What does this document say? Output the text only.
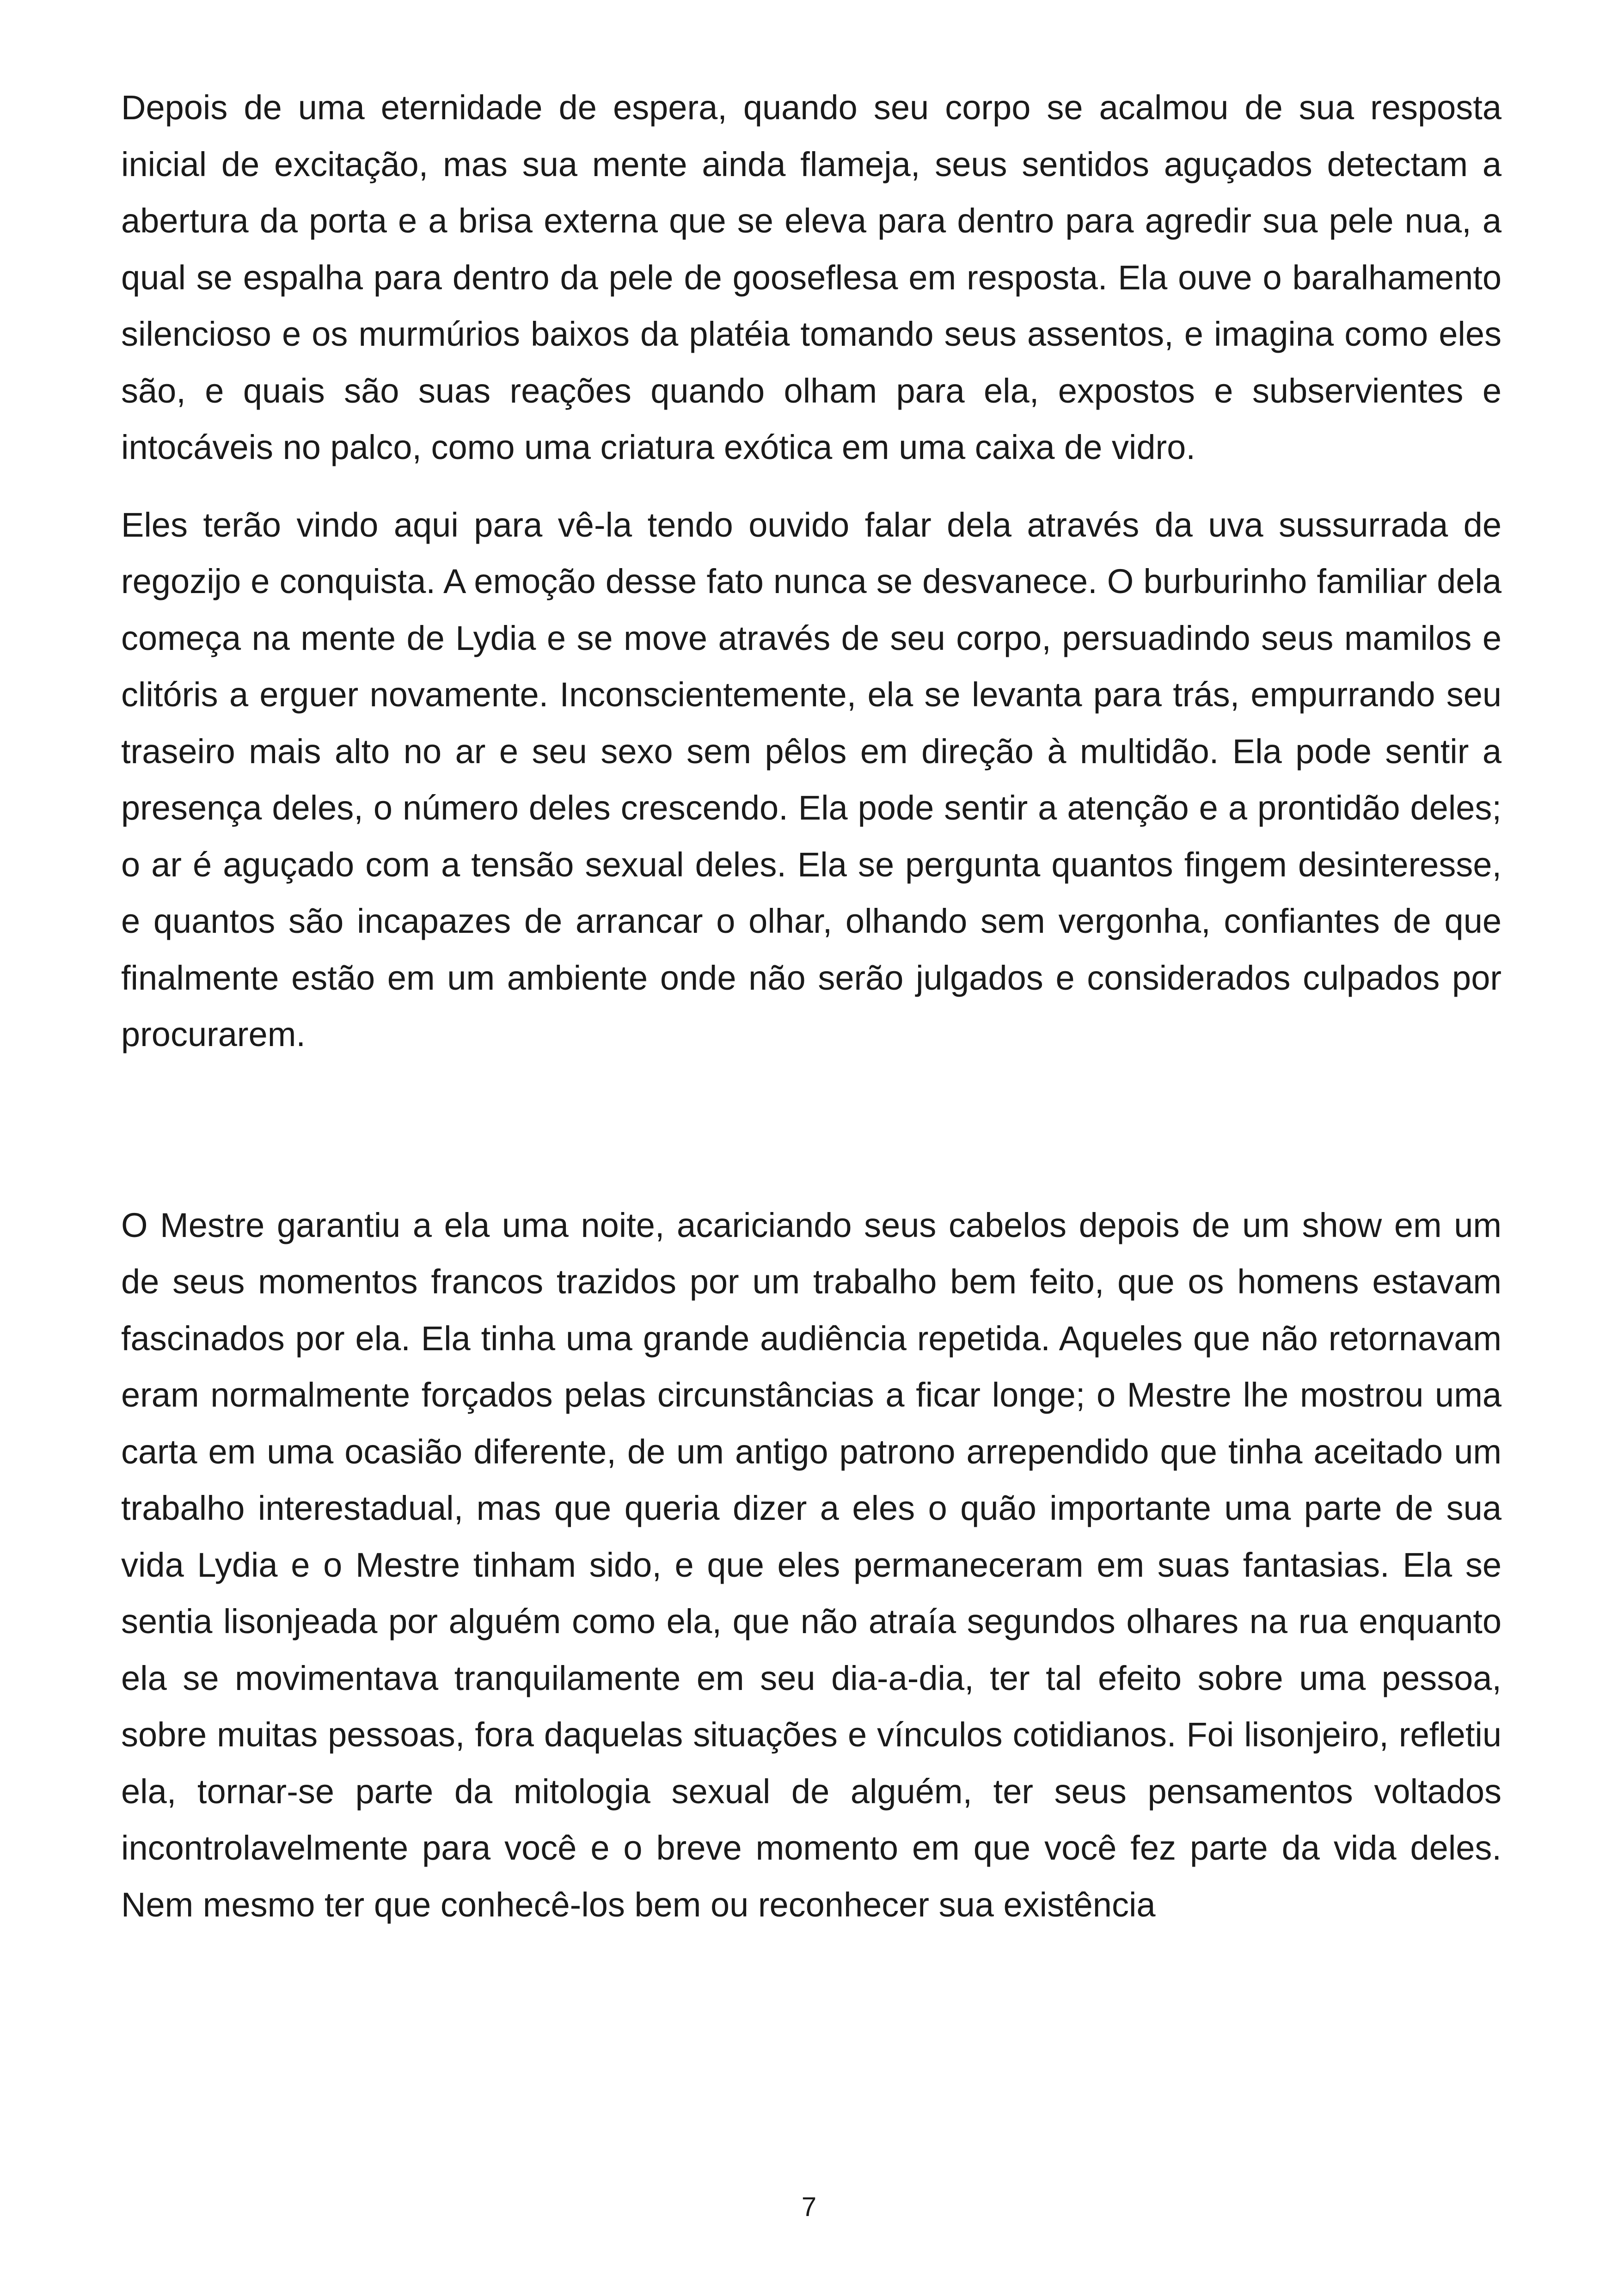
Depois de uma eternidade de espera, quando seu corpo se acalmou de sua resposta inicial de excitação, mas sua mente ainda flameja, seus sentidos aguçados detectam a abertura da porta e a brisa externa que se eleva para dentro para agredir sua pele nua, a qual se espalha para dentro da pele de gooseflesa em resposta. Ela ouve o baralhamento silencioso e os murmúrios baixos da platéia tomando seus assentos, e imagina como eles são, e quais são suas reações quando olham para ela, expostos e subservientes e intocáveis no palco, como uma criatura exótica em uma caixa de vidro.

Eles terão vindo aqui para vê-la tendo ouvido falar dela através da uva sussurrada de regozijo e conquista. A emoção desse fato nunca se desvanece. O burburinho familiar dela começa na mente de Lydia e se move através de seu corpo, persuadindo seus mamilos e clitóris a erguer novamente. Inconscientemente, ela se levanta para trás, empurrando seu traseiro mais alto no ar e seu sexo sem pêlos em direção à multidão. Ela pode sentir a presença deles, o número deles crescendo. Ela pode sentir a atenção e a prontidão deles; o ar é aguçado com a tensão sexual deles. Ela se pergunta quantos fingem desinteresse, e quantos são incapazes de arrancar o olhar, olhando sem vergonha, confiantes de que finalmente estão em um ambiente onde não serão julgados e considerados culpados por procurarem.

O Mestre garantiu a ela uma noite, acariciando seus cabelos depois de um show em um de seus momentos francos trazidos por um trabalho bem feito, que os homens estavam fascinados por ela. Ela tinha uma grande audiência repetida. Aqueles que não retornavam eram normalmente forçados pelas circunstâncias a ficar longe; o Mestre lhe mostrou uma carta em uma ocasião diferente, de um antigo patrono arrependido que tinha aceitado um trabalho interestadual, mas que queria dizer a eles o quão importante uma parte de sua vida Lydia e o Mestre tinham sido, e que eles permaneceram em suas fantasias. Ela se sentia lisonjeada por alguém como ela, que não atraía segundos olhares na rua enquanto ela se movimentava tranquilamente em seu dia-a-dia, ter tal efeito sobre uma pessoa, sobre muitas pessoas, fora daquelas situações e vínculos cotidianos. Foi lisonjeiro, refletiu ela, tornar-se parte da mitologia sexual de alguém, ter seus pensamentos voltados incontrolavelmente para você e o breve momento em que você fez parte da vida deles. Nem mesmo ter que conhecê-los bem ou reconhecer sua existência

7
